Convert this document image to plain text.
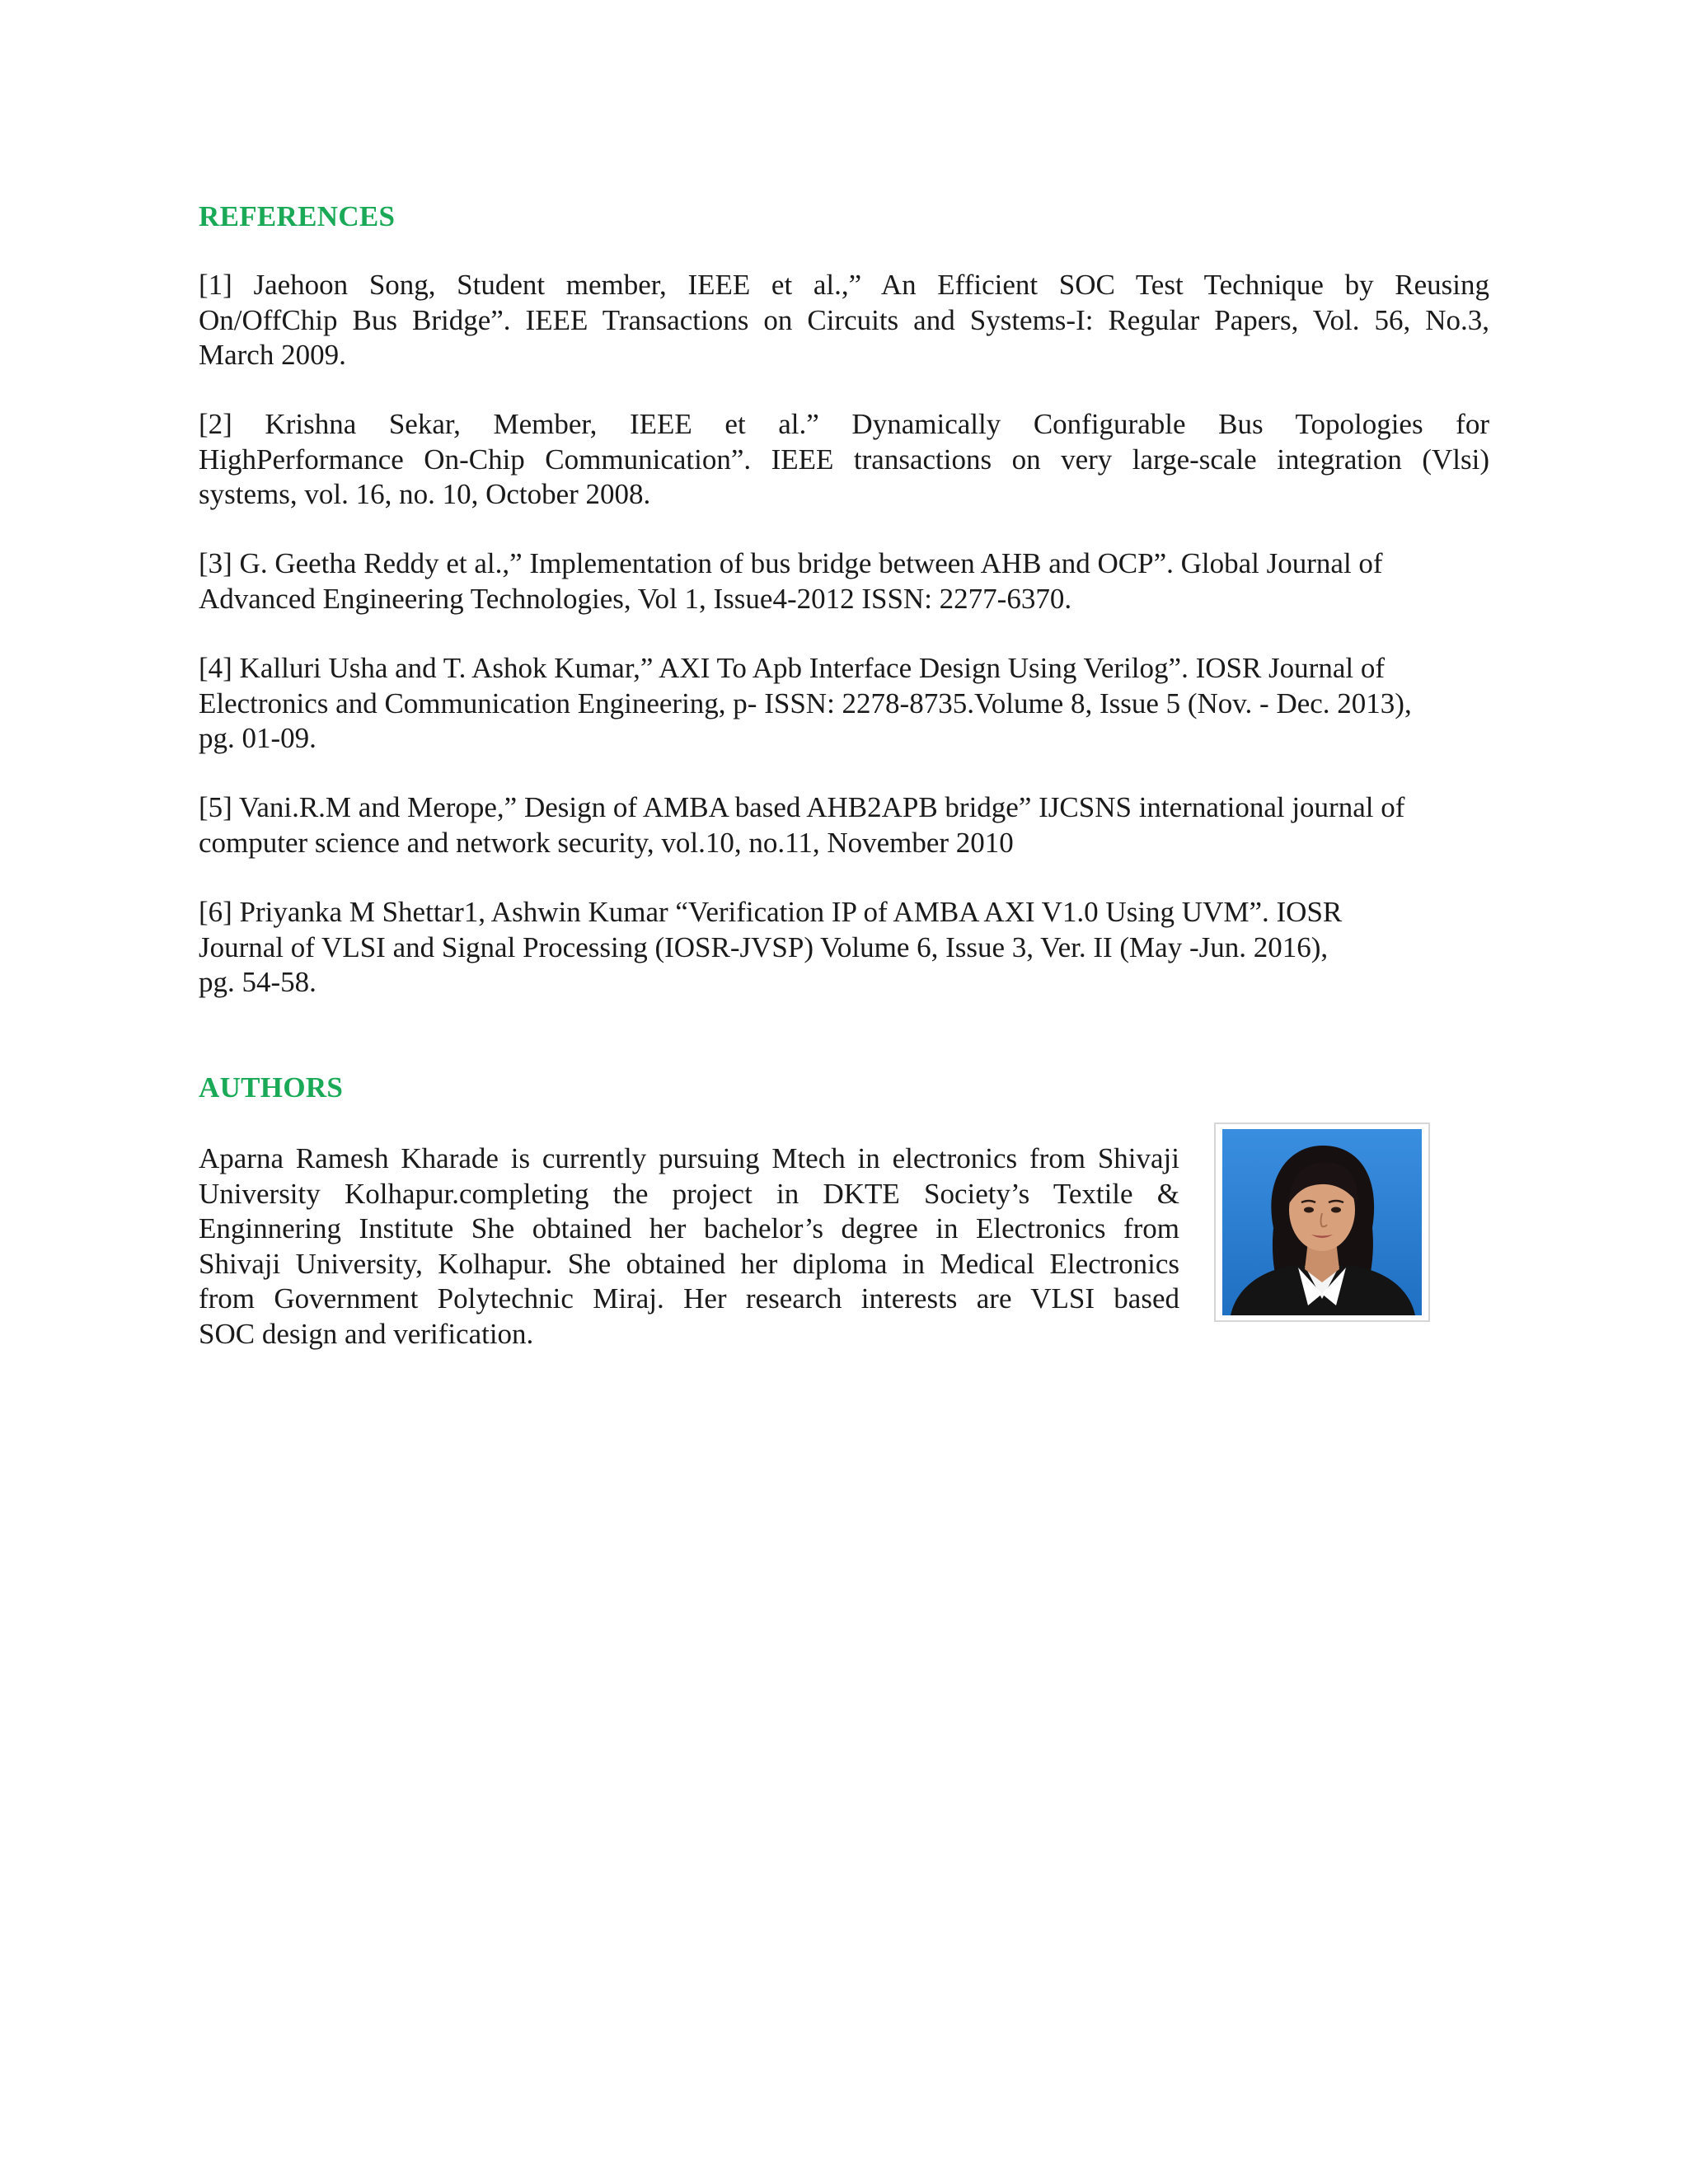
REFERENCES

[1] Jaehoon Song, Student member, IEEE et al.,” An Efficient SOC Test Technique by Reusing
On/OffChip Bus Bridge”. IEEE Transactions on Circuits and Systems-I: Regular Papers, Vol. 56, No.3,
March 2009.

[2] Krishna Sekar, Member, IEEE et al.” Dynamically Configurable Bus Topologies for
HighPerformance On-Chip Communication”. IEEE transactions on very large-scale integration (Vlsi)
systems, vol. 16, no. 10, October 2008.

[3] G. Geetha Reddy et al.,” Implementation of bus bridge between AHB and OCP”. Global Journal of
Advanced Engineering Technologies, Vol 1, Issue4-2012 ISSN: 2277-6370.

[4] Kalluri Usha and T. Ashok Kumar,” AXI To Apb Interface Design Using Verilog”. IOSR Journal of
Electronics and Communication Engineering, p- ISSN: 2278-8735.Volume 8, Issue 5 (Nov. - Dec. 2013),
pg. 01-09.

[5] Vani.R.M and Merope,” Design of AMBA based AHB2APB bridge” IJCSNS international journal of
computer science and network security, vol.10, no.11, November 2010

[6] Priyanka M Shettar1, Ashwin Kumar “Verification IP of AMBA AXI V1.0 Using UVM”. IOSR
Journal of VLSI and Signal Processing (IOSR-JVSP) Volume 6, Issue 3, Ver. II (May -Jun. 2016),
pg. 54-58.

AUTHORS

Aparna Ramesh Kharade is currently pursuing Mtech in electronics from Shivaji
University Kolhapur.completing the project in DKTE Society’s Textile &
Enginnering Institute She obtained her bachelor’s degree in Electronics from
Shivaji University, Kolhapur. She obtained her diploma in Medical Electronics
from Government Polytechnic Miraj. Her research interests are VLSI based
SOC design and verification.
